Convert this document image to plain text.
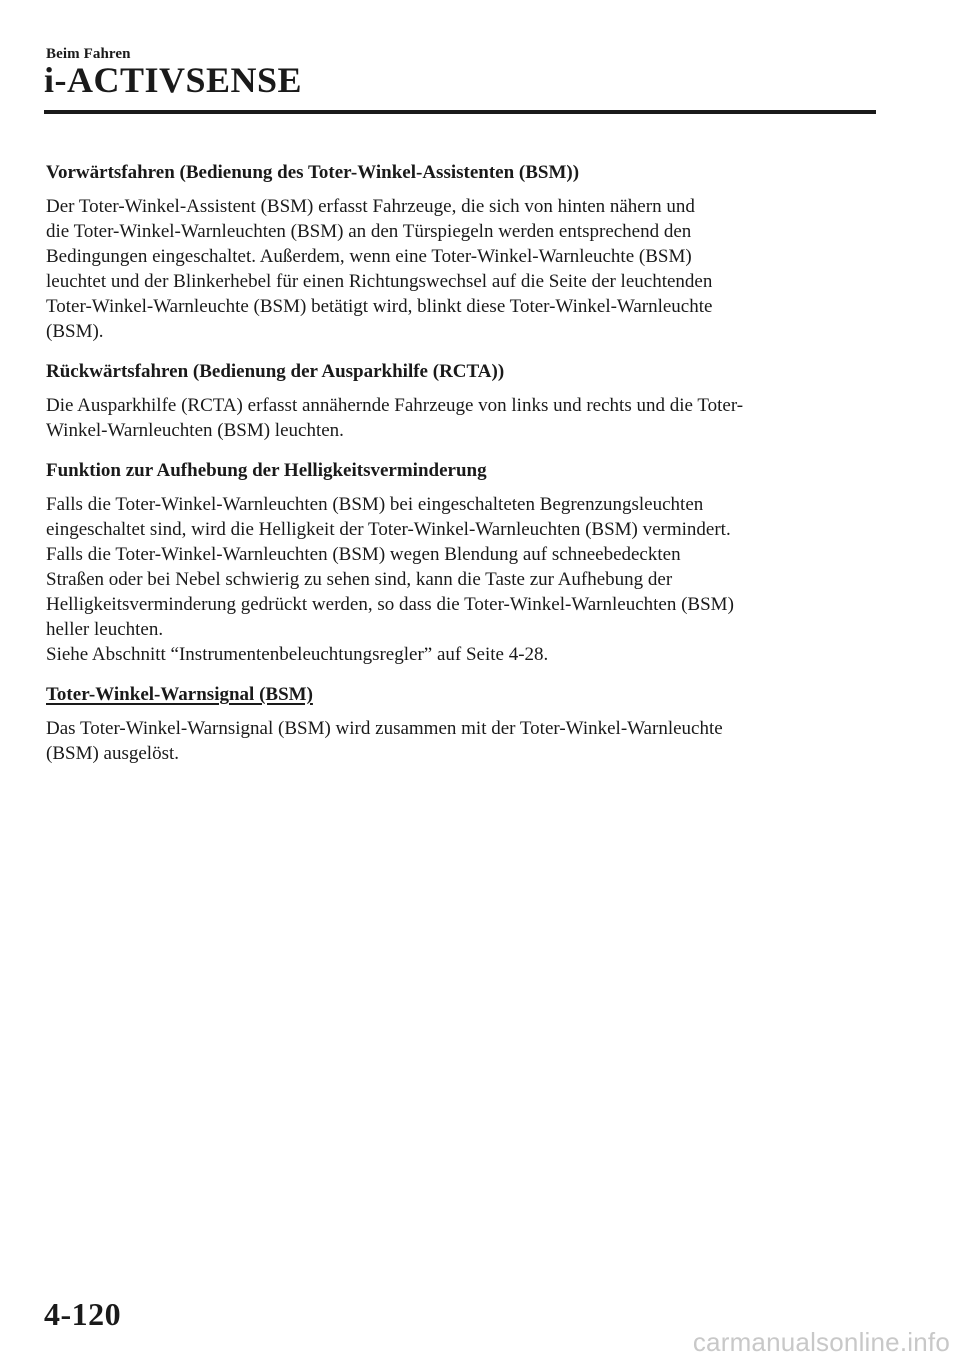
Beim Fahren
i-ACTIVSENSE
Vorwärtsfahren (Bedienung des Toter-Winkel-Assistenten (BSM))
Der Toter-Winkel-Assistent (BSM) erfasst Fahrzeuge, die sich von hinten nähern und
die Toter-Winkel-Warnleuchten (BSM) an den Türspiegeln werden entsprechend den
Bedingungen eingeschaltet. Außerdem, wenn eine Toter-Winkel-Warnleuchte (BSM)
leuchtet und der Blinkerhebel für einen Richtungswechsel auf die Seite der leuchtenden
Toter-Winkel-Warnleuchte (BSM) betätigt wird, blinkt diese Toter-Winkel-Warnleuchte
(BSM).
Rückwärtsfahren (Bedienung der Ausparkhilfe (RCTA))
Die Ausparkhilfe (RCTA) erfasst annähernde Fahrzeuge von links und rechts und die Toter-
Winkel-Warnleuchten (BSM) leuchten.
Funktion zur Aufhebung der Helligkeitsverminderung
Falls die Toter-Winkel-Warnleuchten (BSM) bei eingeschalteten Begrenzungsleuchten
eingeschaltet sind, wird die Helligkeit der Toter-Winkel-Warnleuchten (BSM) vermindert.
Falls die Toter-Winkel-Warnleuchten (BSM) wegen Blendung auf schneebedeckten
Straßen oder bei Nebel schwierig zu sehen sind, kann die Taste zur Aufhebung der
Helligkeitsverminderung gedrückt werden, so dass die Toter-Winkel-Warnleuchten (BSM)
heller leuchten.
Siehe Abschnitt “Instrumentenbeleuchtungsregler” auf Seite 4-28.
Toter-Winkel-Warnsignal (BSM)
Das Toter-Winkel-Warnsignal (BSM) wird zusammen mit der Toter-Winkel-Warnleuchte
(BSM) ausgelöst.
4-120
carmanualsonline.info
